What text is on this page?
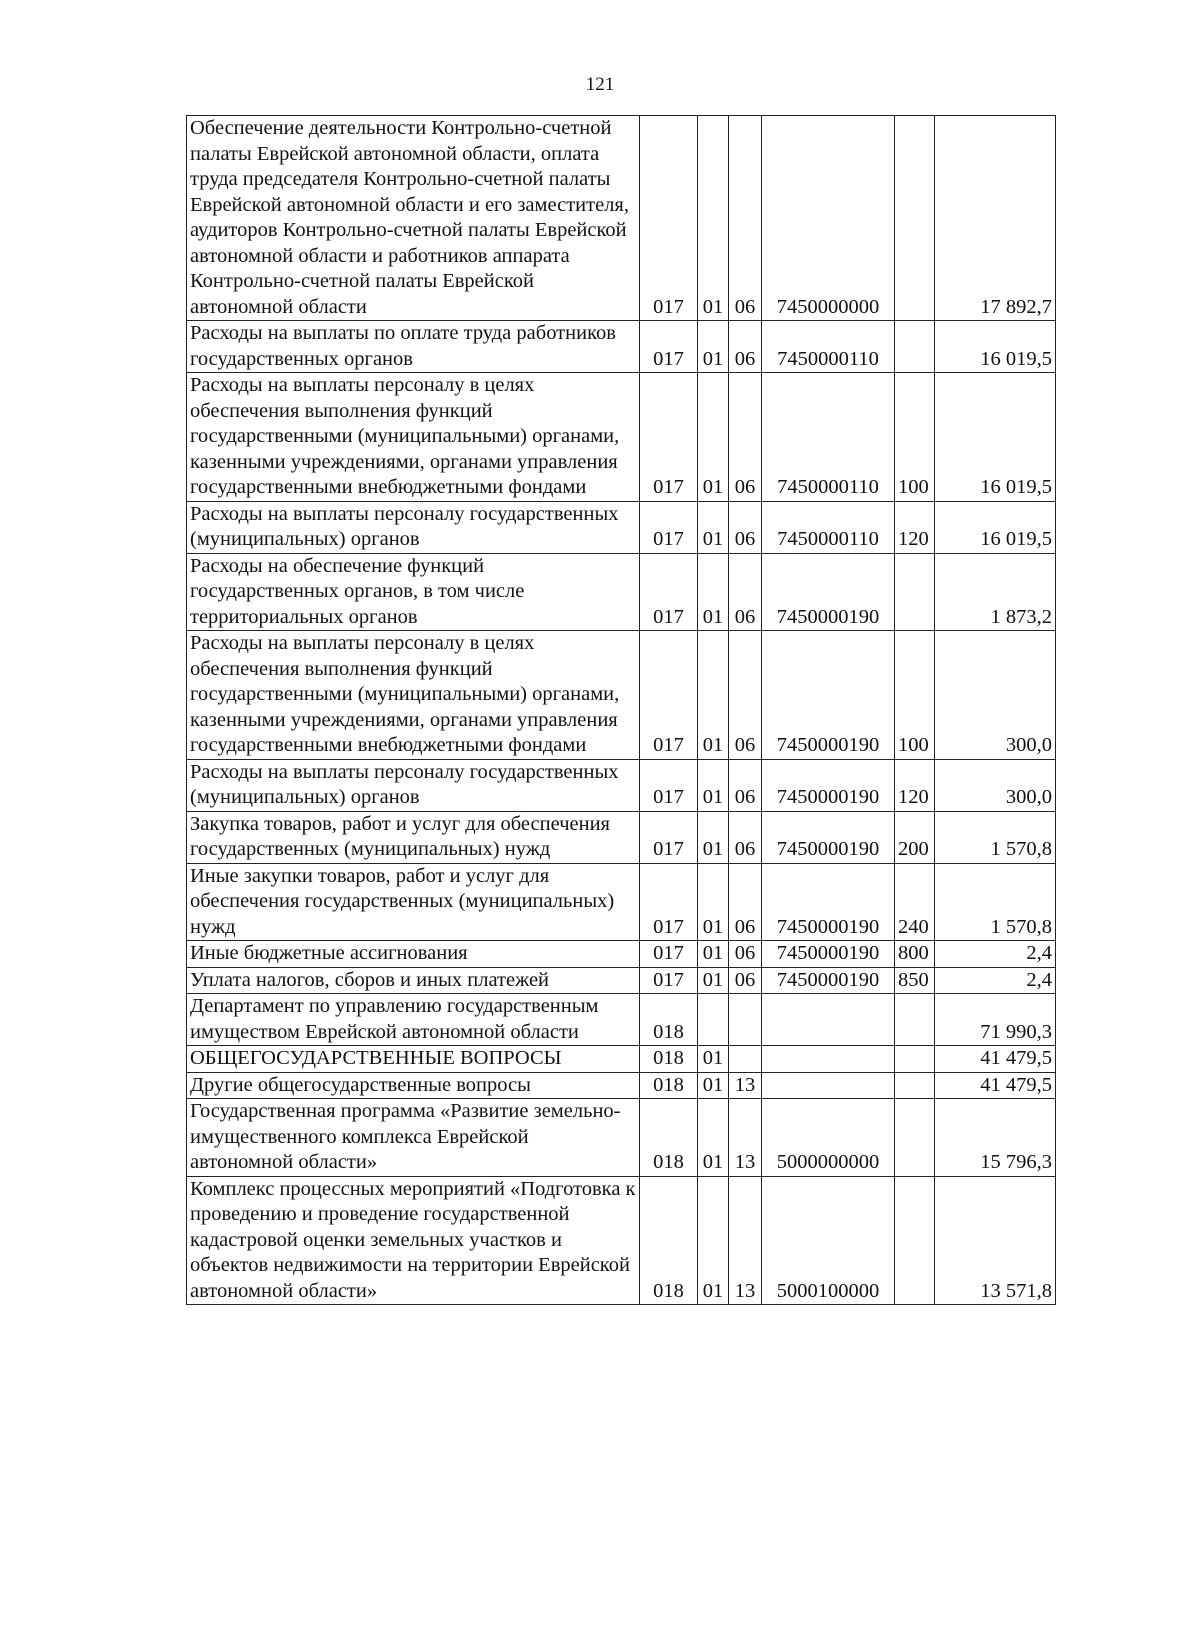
121
Обеспечение деятельности Контрольно-счетной палаты Еврейской автономной области, оплата труда председателя Контрольно-счетной палаты Еврейской автономной области и его заместителя, аудиторов Контрольно-счетной палаты Еврейской автономной области и работников аппарата Контрольно-счетной палаты Еврейской автономной области	017	01	06	7450000000		17 892,7
Расходы на выплаты по оплате труда работников государственных органов	017	01	06	7450000110		16 019,5
Расходы на выплаты персоналу в целях обеспечения выполнения функций государственными (муниципальными) органами, казенными учреждениями, органами управления государственными внебюджетными фондами	017	01	06	7450000110	100	16 019,5
Расходы на выплаты персоналу государственных (муниципальных) органов	017	01	06	7450000110	120	16 019,5
Расходы на обеспечение функций государственных органов, в том числе территориальных органов	017	01	06	7450000190		1 873,2
Расходы на выплаты персоналу в целях обеспечения выполнения функций государственными (муниципальными) органами, казенными учреждениями, органами управления государственными внебюджетными фондами	017	01	06	7450000190	100	300,0
Расходы на выплаты персоналу государственных (муниципальных) органов	017	01	06	7450000190	120	300,0
Закупка товаров, работ и услуг для обеспечения государственных (муниципальных) нужд	017	01	06	7450000190	200	1 570,8
Иные закупки товаров, работ и услуг для обеспечения государственных (муниципальных) нужд	017	01	06	7450000190	240	1 570,8
Иные бюджетные ассигнования	017	01	06	7450000190	800	2,4
Уплата налогов, сборов и иных платежей	017	01	06	7450000190	850	2,4
Департамент по управлению государственным имуществом Еврейской автономной области	018					71 990,3
ОБЩЕГОСУДАРСТВЕННЫЕ ВОПРОСЫ	018	01				41 479,5
Другие общегосударственные вопросы	018	01	13			41 479,5
Государственная программа «Развитие земельно-имущественного комплекса Еврейской автономной области»	018	01	13	5000000000		15 796,3
Комплекс процессных мероприятий «Подготовка к проведению и проведение государственной кадастровой оценки земельных участков и объектов недвижимости на территории Еврейской автономной области»	018	01	13	5000100000		13 571,8
